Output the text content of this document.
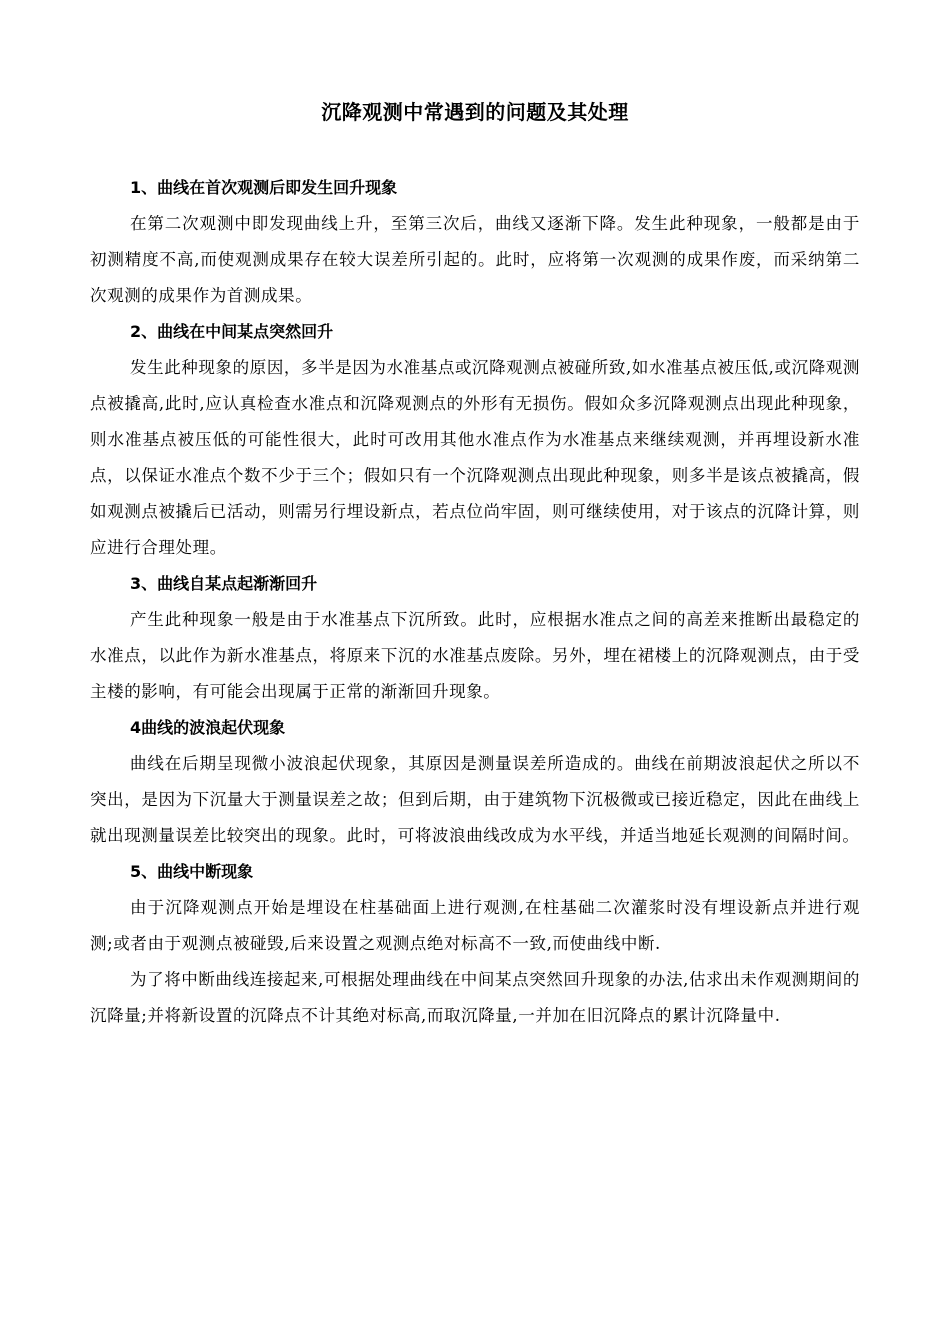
沉降观测中常遇到的问题及其处理
1、曲线在首次观测后即发生回升现象

在第二次观测中即发现曲线上升，至第三次后，曲线又逐渐下降。发生此种现象，一般都是由于初测精度不高,而使观测成果存在较大误差所引起的。此时，应将第一次观测的成果作废，而采纳第二次观测的成果作为首测成果。

2、曲线在中间某点突然回升

发生此种现象的原因，多半是因为水准基点或沉降观测点被碰所致,如水准基点被压低,或沉降观测点被撬高,此时,应认真检查水准点和沉降观测点的外形有无损伤。假如众多沉降观测点出现此种现象，则水准基点被压低的可能性很大，此时可改用其他水准点作为水准基点来继续观测，并再埋设新水准点，以保证水准点个数不少于三个；假如只有一个沉降观测点出现此种现象，则多半是该点被撬高，假如观测点被撬后已活动，则需另行埋设新点，若点位尚牢固，则可继续使用，对于该点的沉降计算，则应进行合理处理。

3、曲线自某点起渐渐回升

产生此种现象一般是由于水准基点下沉所致。此时，应根据水准点之间的高差来推断出最稳定的水准点，以此作为新水准基点，将原来下沉的水准基点废除。另外，埋在裙楼上的沉降观测点，由于受主楼的影响，有可能会出现属于正常的渐渐回升现象。

4曲线的波浪起伏现象

曲线在后期呈现微小波浪起伏现象，其原因是测量误差所造成的。曲线在前期波浪起伏之所以不突出，是因为下沉量大于测量误差之故；但到后期，由于建筑物下沉极微或已接近稳定，因此在曲线上就出现测量误差比较突出的现象。此时，可将波浪曲线改成为水平线，并适当地延长观测的间隔时间。

5、曲线中断现象

由于沉降观测点开始是埋设在柱基础面上进行观测,在柱基础二次灌浆时没有埋设新点并进行观测;或者由于观测点被碰毁,后来设置之观测点绝对标高不一致,而使曲线中断.

为了将中断曲线连接起来,可根据处理曲线在中间某点突然回升现象的办法,估求出未作观测期间的沉降量;并将新设置的沉降点不计其绝对标高,而取沉降量,一并加在旧沉降点的累计沉降量中.
